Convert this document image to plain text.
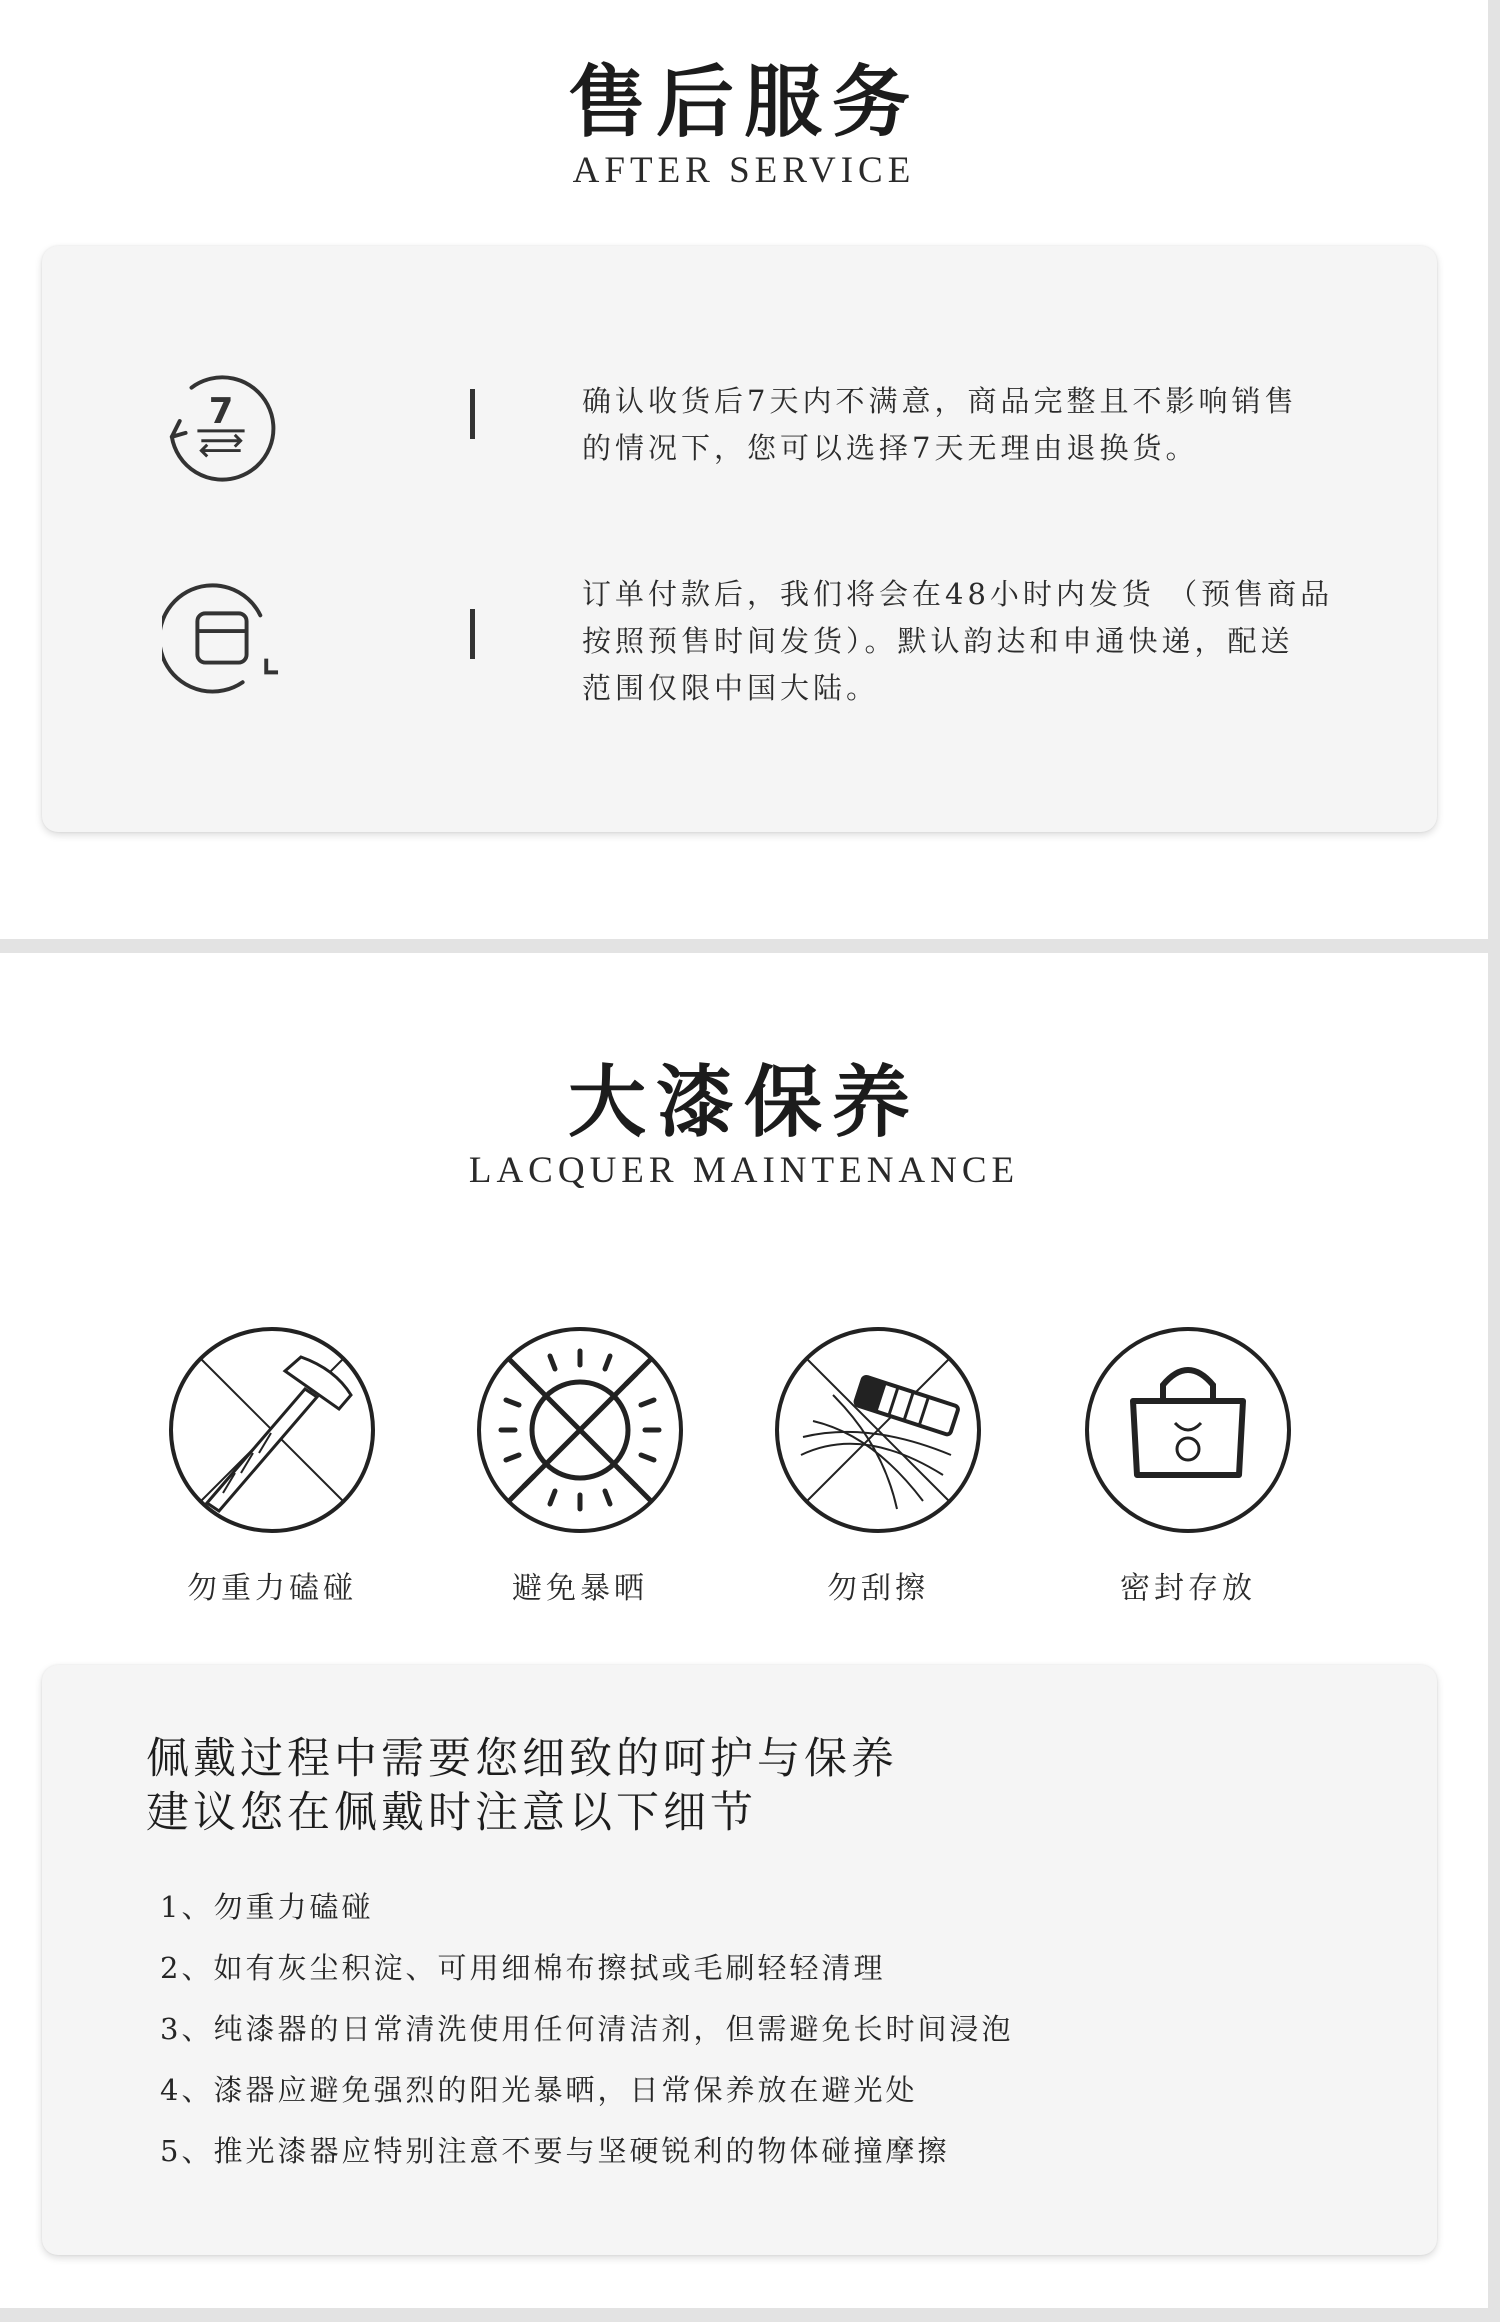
售后服务
AFTER SERVICE
7	确认收货后7天内不满意，商品完整且不影响销售
的情况下，您可以选择7天无理由退换货。
订单付款后，我们将会在48小时内发货 （预售商品
按照预售时间发货）。默认韵达和申通快递，配送
范围仅限中国大陆。
大漆保养
LACQUER MAINTENANCE
勿重力磕碰	避免暴晒	勿刮擦	密封存放
佩戴过程中需要您细致的呵护与保养
建议您在佩戴时注意以下细节
1、勿重力磕碰
2、如有灰尘积淀、可用细棉布擦拭或毛刷轻轻清理
3、纯漆器的日常清洗使用任何清洁剂，但需避免长时间浸泡
4、漆器应避免强烈的阳光暴晒，日常保养放在避光处
5、推光漆器应特别注意不要与坚硬锐利的物体碰撞摩擦
